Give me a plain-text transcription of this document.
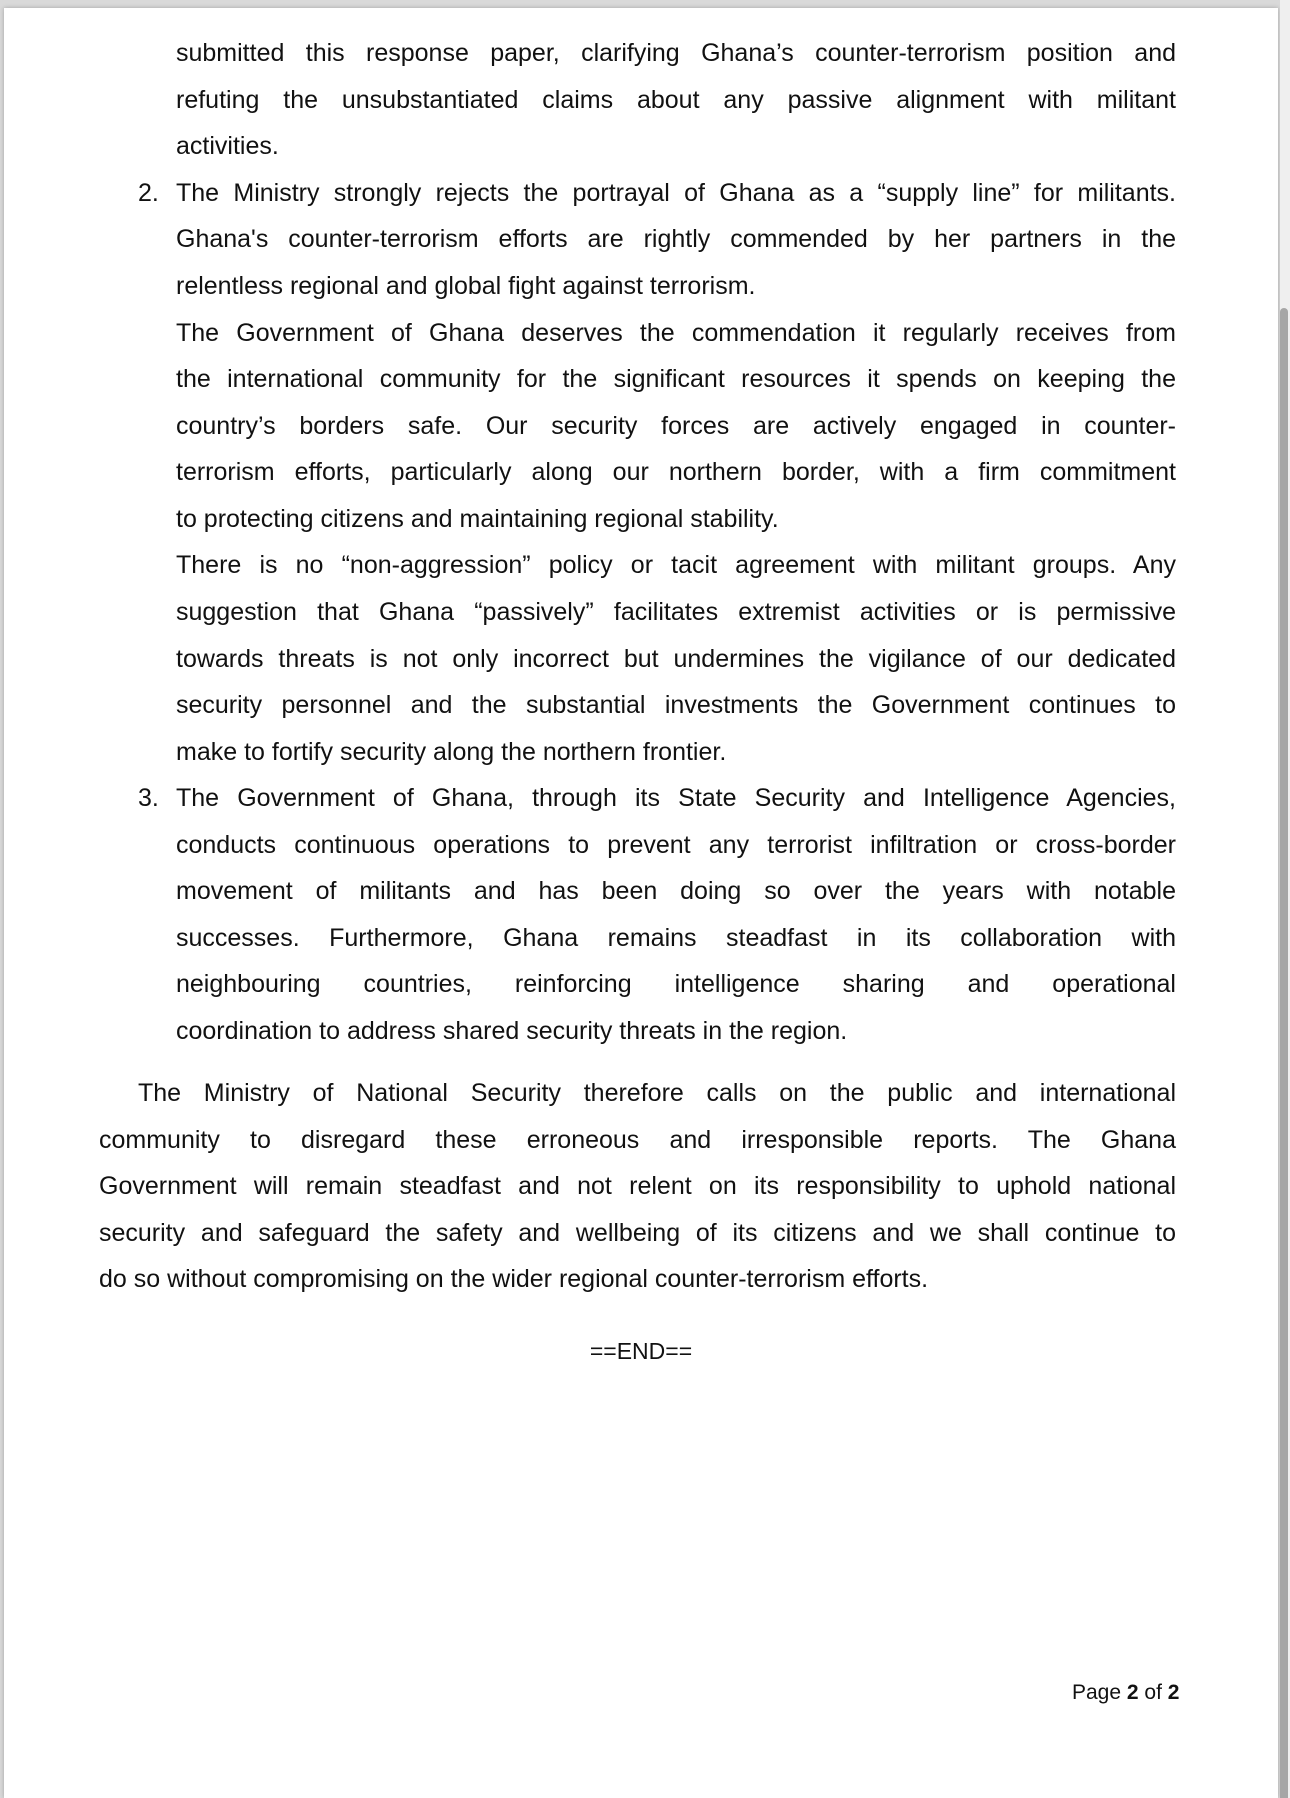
submitted this response paper, clarifying Ghana’s counter-terrorism position and
refuting the unsubstantiated claims about any passive alignment with militant
activities.
2. The Ministry strongly rejects the portrayal of Ghana as a “supply line” for militants.
Ghana's counter-terrorism efforts are rightly commended by her partners in the
relentless regional and global fight against terrorism.
The Government of Ghana deserves the commendation it regularly receives from
the international community for the significant resources it spends on keeping the
country’s borders safe. Our security forces are actively engaged in counter-
terrorism efforts, particularly along our northern border, with a firm commitment
to protecting citizens and maintaining regional stability.
There is no “non-aggression” policy or tacit agreement with militant groups. Any
suggestion that Ghana “passively” facilitates extremist activities or is permissive
towards threats is not only incorrect but undermines the vigilance of our dedicated
security personnel and the substantial investments the Government continues to
make to fortify security along the northern frontier.
3. The Government of Ghana, through its State Security and Intelligence Agencies,
conducts continuous operations to prevent any terrorist infiltration or cross-border
movement of militants and has been doing so over the years with notable
successes. Furthermore, Ghana remains steadfast in its collaboration with
neighbouring countries, reinforcing intelligence sharing and operational
coordination to address shared security threats in the region.
The Ministry of National Security therefore calls on the public and international
community to disregard these erroneous and irresponsible reports. The Ghana
Government will remain steadfast and not relent on its responsibility to uphold national
security and safeguard the safety and wellbeing of its citizens and we shall continue to
do so without compromising on the wider regional counter-terrorism efforts.
==END==
Page 2 of 2
